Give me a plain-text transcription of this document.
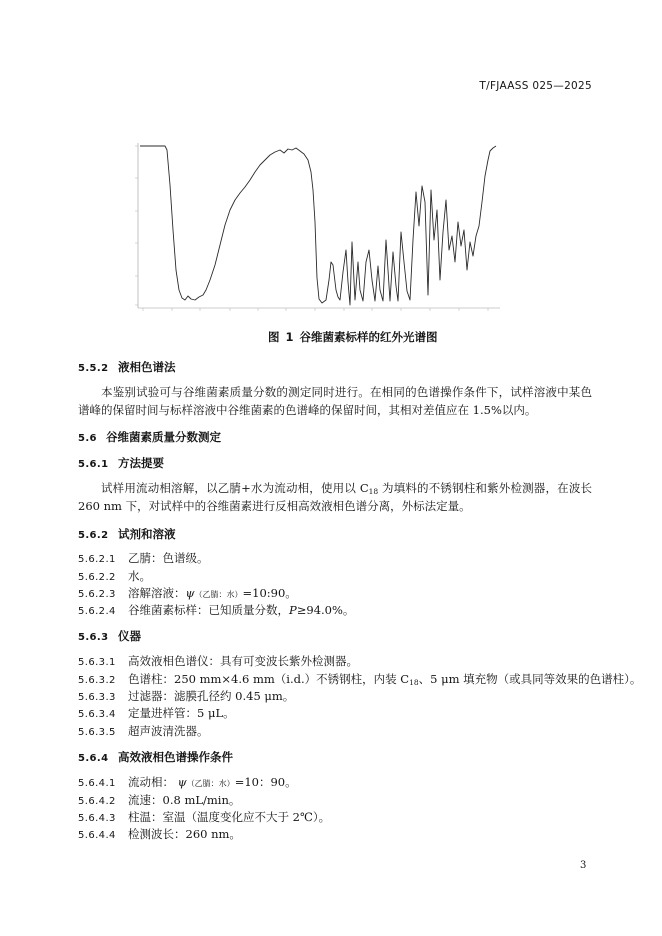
T/FJAASS 025—2025
图 1 谷维菌素标样的红外光谱图
5.5.2 液相色谱法
本鉴别试验可与谷维菌素质量分数的测定同时进行。在相同的色谱操作条件下，试样溶液中某色谱峰的保留时间与标样溶液中谷维菌素的色谱峰的保留时间，其相对差值应在 1.5%以内。
5.6 谷维菌素质量分数测定
5.6.1 方法提要
试样用流动相溶解，以乙腈+水为流动相，使用以 $C_{18}$ 为填料的不锈钢柱和紫外检测器，在波长 260 nm 下，对试样中的谷维菌素进行反相高效液相色谱分离，外标法定量。
5.6.2 试剂和溶液
5.6.2.1 乙腈：色谱级。
5.6.2.2 水。
5.6.2.3 溶解溶液：ψ（乙腈：水）=10:90。
5.6.2.4 谷维菌素标样：已知质量分数，P≥94.0%。
5.6.3 仪器
5.6.3.1 高效液相色谱仪：具有可变波长紫外检测器。
5.6.3.2 色谱柱：250 mm×4.6 mm（i.d.）不锈钢柱，内装 $C_{18}$、5 μm 填充物（或具同等效果的色谱柱）。
5.6.3.3 过滤器：滤膜孔径约 0.45 μm。
5.6.3.4 定量进样管：5 μL。
5.6.3.5 超声波清洗器。
5.6.4 高效液相色谱操作条件
5.6.4.1 流动相： ψ（乙腈：水）=10：90。
5.6.4.2 流速：0.8 mL/min。
5.6.4.3 柱温：室温（温度变化应不大于 2℃）。
5.6.4.4 检测波长：260 nm。
3
